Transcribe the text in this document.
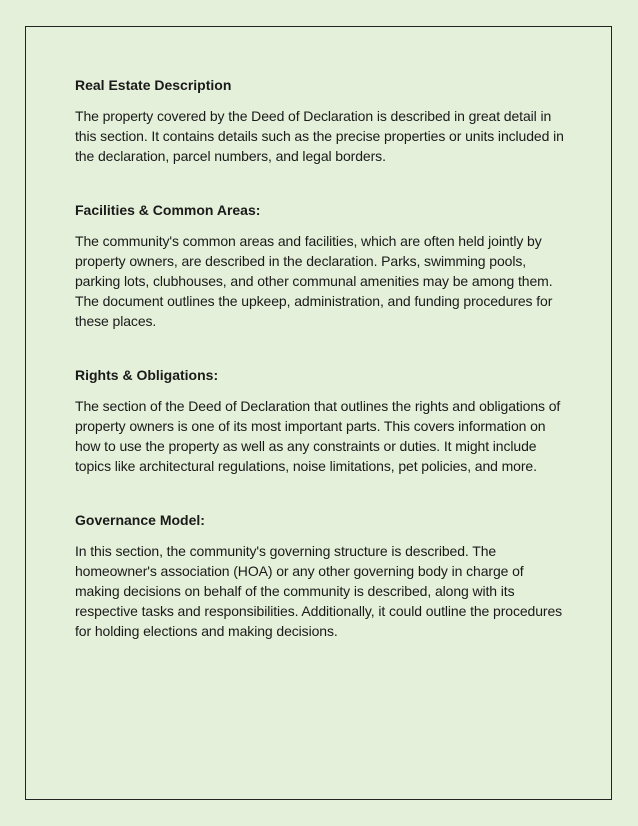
Real Estate Description

The property covered by the Deed of Declaration is described in great detail in this section. It contains details such as the precise properties or units included in the declaration, parcel numbers, and legal borders.

Facilities & Common Areas:

The community's common areas and facilities, which are often held jointly by property owners, are described in the declaration. Parks, swimming pools, parking lots, clubhouses, and other communal amenities may be among them. The document outlines the upkeep, administration, and funding procedures for these places.

Rights & Obligations:

The section of the Deed of Declaration that outlines the rights and obligations of property owners is one of its most important parts. This covers information on how to use the property as well as any constraints or duties. It might include topics like architectural regulations, noise limitations, pet policies, and more.

Governance Model:

In this section, the community's governing structure is described. The homeowner's association (HOA) or any other governing body in charge of making decisions on behalf of the community is described, along with its respective tasks and responsibilities. Additionally, it could outline the procedures for holding elections and making decisions.
